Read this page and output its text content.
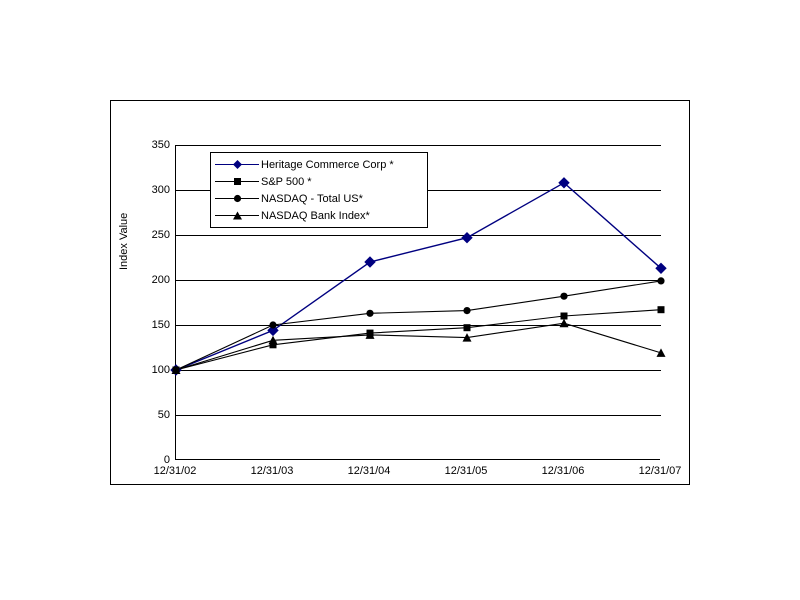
Index Value
350
300
250
200
150
100
50
0
12/31/02	12/31/03	12/31/04	12/31/05	12/31/06	12/31/07
Heritage Commerce Corp *
S&P 500 *
NASDAQ - Total US*
NASDAQ Bank Index*
